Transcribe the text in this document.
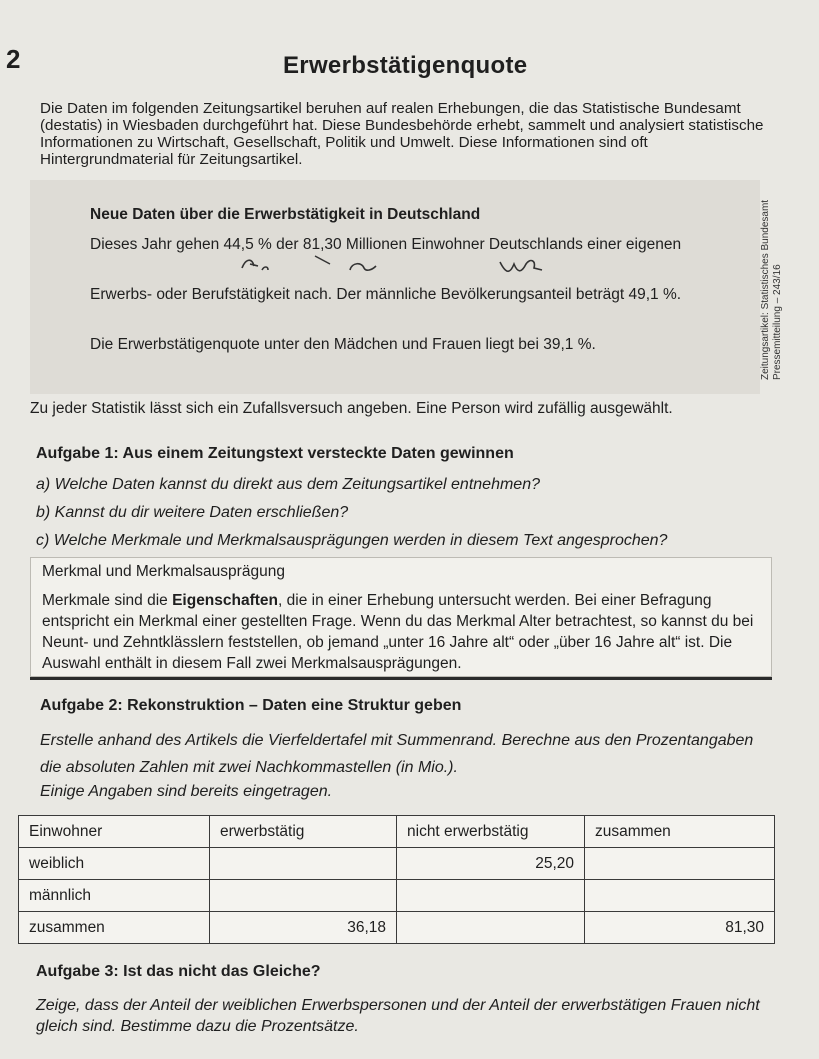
2	Erwerbstätigenquote
Die Daten im folgenden Zeitungsartikel beruhen auf realen Erhebungen, die das Statistische Bundesamt (destatis) in Wiesbaden durchgeführt hat. Diese Bundesbehörde erhebt, sammelt und analysiert statistische Informationen zu Wirtschaft, Gesellschaft, Politik und Umwelt. Diese Informationen sind oft Hintergrundmaterial für Zeitungsartikel.
Neue Daten über die Erwerbstätigkeit in Deutschland
Dieses Jahr gehen 44,5 % der 81,30 Millionen Einwohner Deutschlands einer eigenen
Erwerbs- oder Berufstätigkeit nach. Der männliche Bevölkerungsanteil beträgt 49,1 %.
Die Erwerbstätigenquote unter den Mädchen und Frauen liegt bei 39,1 %.	Zeitungsartikel: Statistisches Bundesamt Pressemitteilung – 243/16
Zu jeder Statistik lässt sich ein Zufallsversuch angeben. Eine Person wird zufällig ausgewählt.
Aufgabe 1: Aus einem Zeitungstext versteckte Daten gewinnen
a) Welche Daten kannst du direkt aus dem Zeitungsartikel entnehmen?
b) Kannst du dir weitere Daten erschließen?
c) Welche Merkmale und Merkmalsausprägungen werden in diesem Text angesprochen?
Merkmal und Merkmalsausprägung
Merkmale sind die Eigenschaften, die in einer Erhebung untersucht werden. Bei einer Befragung entspricht ein Merkmal einer gestellten Frage. Wenn du das Merkmal Alter betrachtest, so kannst du bei Neunt- und Zehntklässlern feststellen, ob jemand „unter 16 Jahre alt“ oder „über 16 Jahre alt“ ist. Die Auswahl enthält in diesem Fall zwei Merkmalsausprägungen.
Aufgabe 2: Rekonstruktion – Daten eine Struktur geben
Erstelle anhand des Artikels die Vierfeldertafel mit Summenrand. Berechne aus den Prozentangaben die absoluten Zahlen mit zwei Nachkommastellen (in Mio.).
Einige Angaben sind bereits eingetragen.
Einwohner	erwerbstätig	nicht erwerbstätig	zusammen
weiblich		25,20	
männlich			
zusammen	36,18		81,30
Aufgabe 3: Ist das nicht das Gleiche?
Zeige, dass der Anteil der weiblichen Erwerbspersonen und der Anteil der erwerbstätigen Frauen nicht gleich sind. Bestimme dazu die Prozentsätze.
